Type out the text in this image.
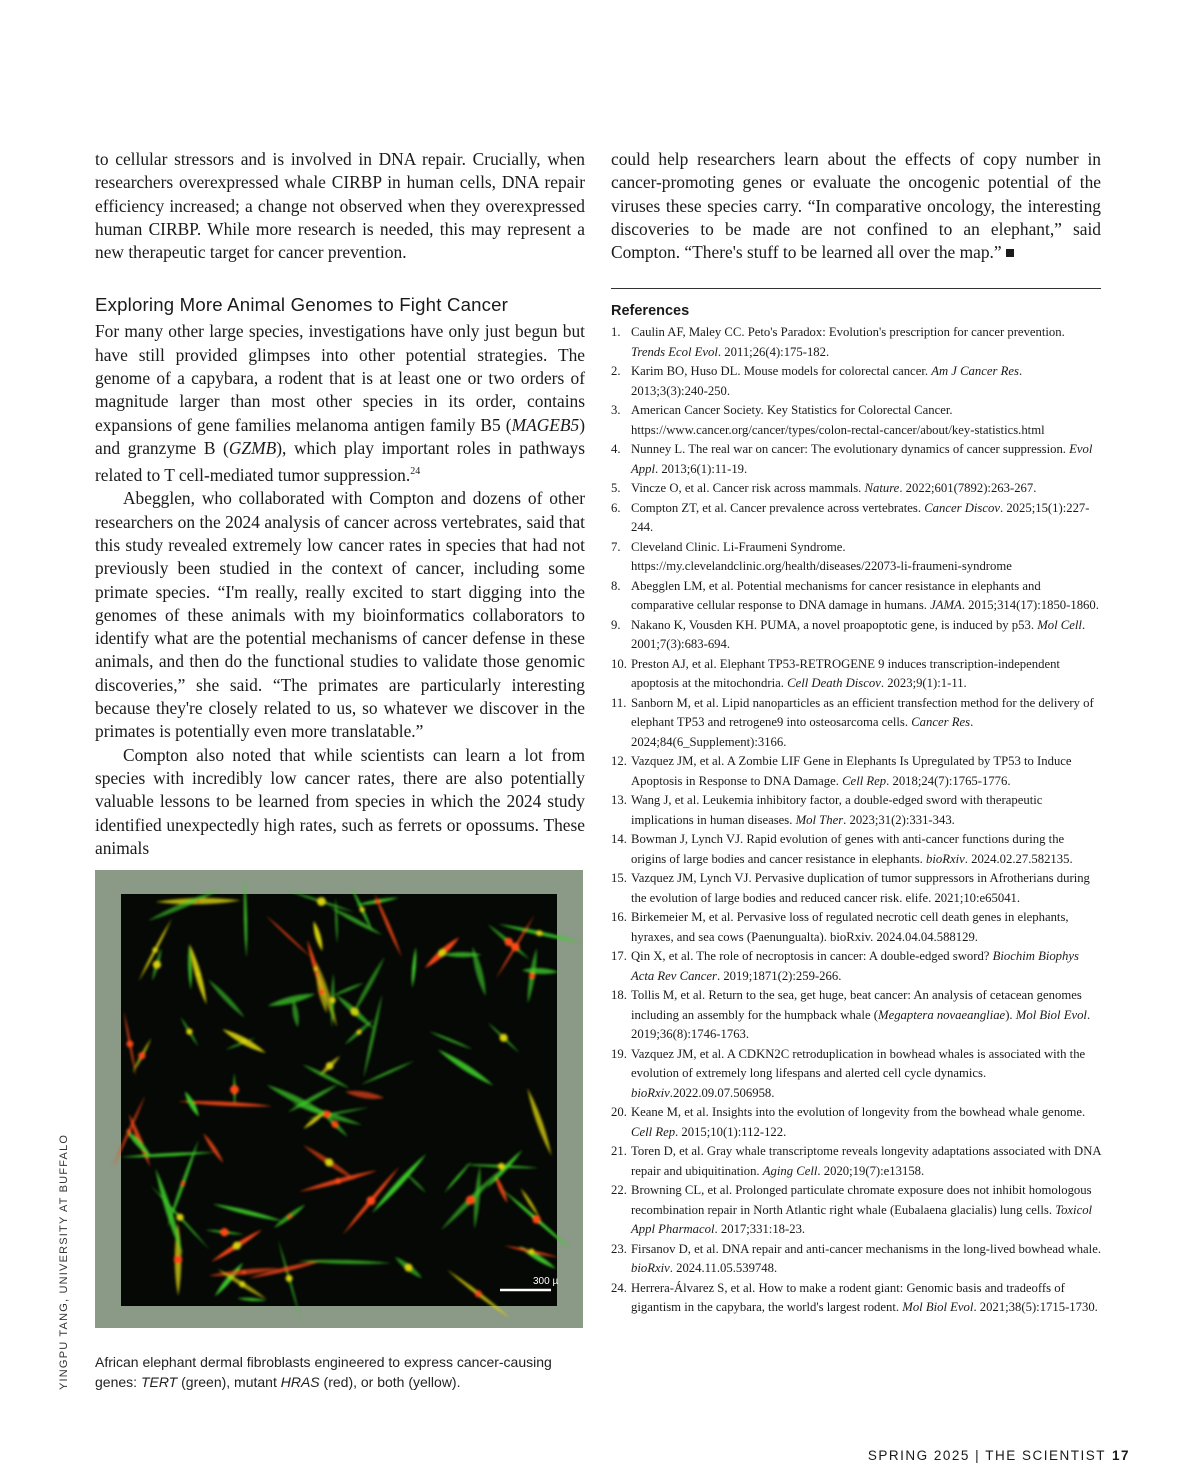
to cellular stressors and is involved in DNA repair. Crucially, when researchers overexpressed whale CIRBP in human cells, DNA repair efficiency increased; a change not observed when they overexpressed human CIRBP. While more research is needed, this may represent a new therapeutic target for cancer prevention.

Exploring More Animal Genomes to Fight Cancer

For many other large species, investigations have only just begun but have still provided glimpses into other potential strategies. The genome of a capybara, a rodent that is at least one or two orders of magnitude larger than most other species in its order, contains expansions of gene families melanoma antigen family B5 (MAGEB5) and granzyme B (GZMB), which play important roles in pathways related to T cell-mediated tumor suppression.$^{24}$

Abegglen, who collaborated with Compton and dozens of other researchers on the 2024 analysis of cancer across vertebrates, said that this study revealed extremely low cancer rates in species that had not previously been studied in the context of cancer, including some primate species. “I'm really, really excited to start digging into the genomes of these animals with my bioinformatics collaborators to identify what are the potential mechanisms of cancer defense in these animals, and then do the functional studies to validate those genomic discoveries,” she said. “The primates are particularly interesting because they're closely related to us, so whatever we discover in the primates is potentially even more translatable.”

Compton also noted that while scientists can learn a lot from species with incredibly low cancer rates, there are also potentially valuable lessons to be learned from species in which the 2024 study identified unexpectedly high rates, such as ferrets or opossums. These animals

could help researchers learn about the effects of copy number in cancer-promoting genes or evaluate the oncogenic potential of the viruses these species carry. “In comparative oncology, the interesting discoveries to be made are not confined to an elephant,” said Compton. “There's stuff to be learned all over the map.”

References
1. Caulin AF, Maley CC. Peto's Paradox: Evolution's prescription for cancer prevention. Trends Ecol Evol. 2011;26(4):175-182.
2. Karim BO, Huso DL. Mouse models for colorectal cancer. Am J Cancer Res. 2013;3(3):240-250.
3. American Cancer Society. Key Statistics for Colorectal Cancer. https://www.cancer.org/cancer/types/colon-rectal-cancer/about/key-statistics.html
4. Nunney L. The real war on cancer: The evolutionary dynamics of cancer suppression. Evol Appl. 2013;6(1):11-19.
5. Vincze O, et al. Cancer risk across mammals. Nature. 2022;601(7892):263-267.
6. Compton ZT, et al. Cancer prevalence across vertebrates. Cancer Discov. 2025;15(1):227-244.
7. Cleveland Clinic. Li-Fraumeni Syndrome. https://my.clevelandclinic.org/health/diseases/22073-li-fraumeni-syndrome
8. Abegglen LM, et al. Potential mechanisms for cancer resistance in elephants and comparative cellular response to DNA damage in humans. JAMA. 2015;314(17):1850-1860.
9. Nakano K, Vousden KH. PUMA, a novel proapoptotic gene, is induced by p53. Mol Cell. 2001;7(3):683-694.
10. Preston AJ, et al. Elephant TP53-RETROGENE 9 induces transcription-independent apoptosis at the mitochondria. Cell Death Discov. 2023;9(1):1-11.
11. Sanborn M, et al. Lipid nanoparticles as an efficient transfection method for the delivery of elephant TP53 and retrogene9 into osteosarcoma cells. Cancer Res. 2024;84(6_Supplement):3166.
12. Vazquez JM, et al. A Zombie LIF Gene in Elephants Is Upregulated by TP53 to Induce Apoptosis in Response to DNA Damage. Cell Rep. 2018;24(7):1765-1776.
13. Wang J, et al. Leukemia inhibitory factor, a double-edged sword with therapeutic implications in human diseases. Mol Ther. 2023;31(2):331-343.
14. Bowman J, Lynch VJ. Rapid evolution of genes with anti-cancer functions during the origins of large bodies and cancer resistance in elephants. bioRxiv. 2024.02.27.582135.
15. Vazquez JM, Lynch VJ. Pervasive duplication of tumor suppressors in Afrotherians during the evolution of large bodies and reduced cancer risk. elife. 2021;10:e65041.
16. Birkemeier M, et al. Pervasive loss of regulated necrotic cell death genes in elephants, hyraxes, and sea cows (Paenungualta). bioRxiv. 2024.04.04.588129.
17. Qin X, et al. The role of necroptosis in cancer: A double-edged sword? Biochim Biophys Acta Rev Cancer. 2019;1871(2):259-266.
18. Tollis M, et al. Return to the sea, get huge, beat cancer: An analysis of cetacean genomes including an assembly for the humpback whale (Megaptera novaeangliae). Mol Biol Evol. 2019;36(8):1746-1763.
19. Vazquez JM, et al. A CDKN2C retroduplication in bowhead whales is associated with the evolution of extremely long lifespans and alerted cell cycle dynamics. bioRxiv.2022.09.07.506958.
20. Keane M, et al. Insights into the evolution of longevity from the bowhead whale genome. Cell Rep. 2015;10(1):112-122.
21. Toren D, et al. Gray whale transcriptome reveals longevity adaptations associated with DNA repair and ubiquitination. Aging Cell. 2020;19(7):e13158.
22. Browning CL, et al. Prolonged particulate chromate exposure does not inhibit homologous recombination repair in North Atlantic right whale (Eubalaena glacialis) lung cells. Toxicol Appl Pharmacol. 2017;331:18-23.
23. Firsanov D, et al. DNA repair and anti-cancer mechanisms in the long-lived bowhead whale. bioRxiv. 2024.11.05.539748.
24. Herrera-Álvarez S, et al. How to make a rodent giant: Genomic basis and tradeoffs of gigantism in the capybara, the world's largest rodent. Mol Biol Evol. 2021;38(5):1715-1730.
300 µ
African elephant dermal fibroblasts engineered to express cancer-causing genes: TERT (green), mutant HRAS (red), or both (yellow).
YINGPU TANG, UNIVERSITY AT BUFFALO
SPRING 2025 | THE SCIENTIST 17
